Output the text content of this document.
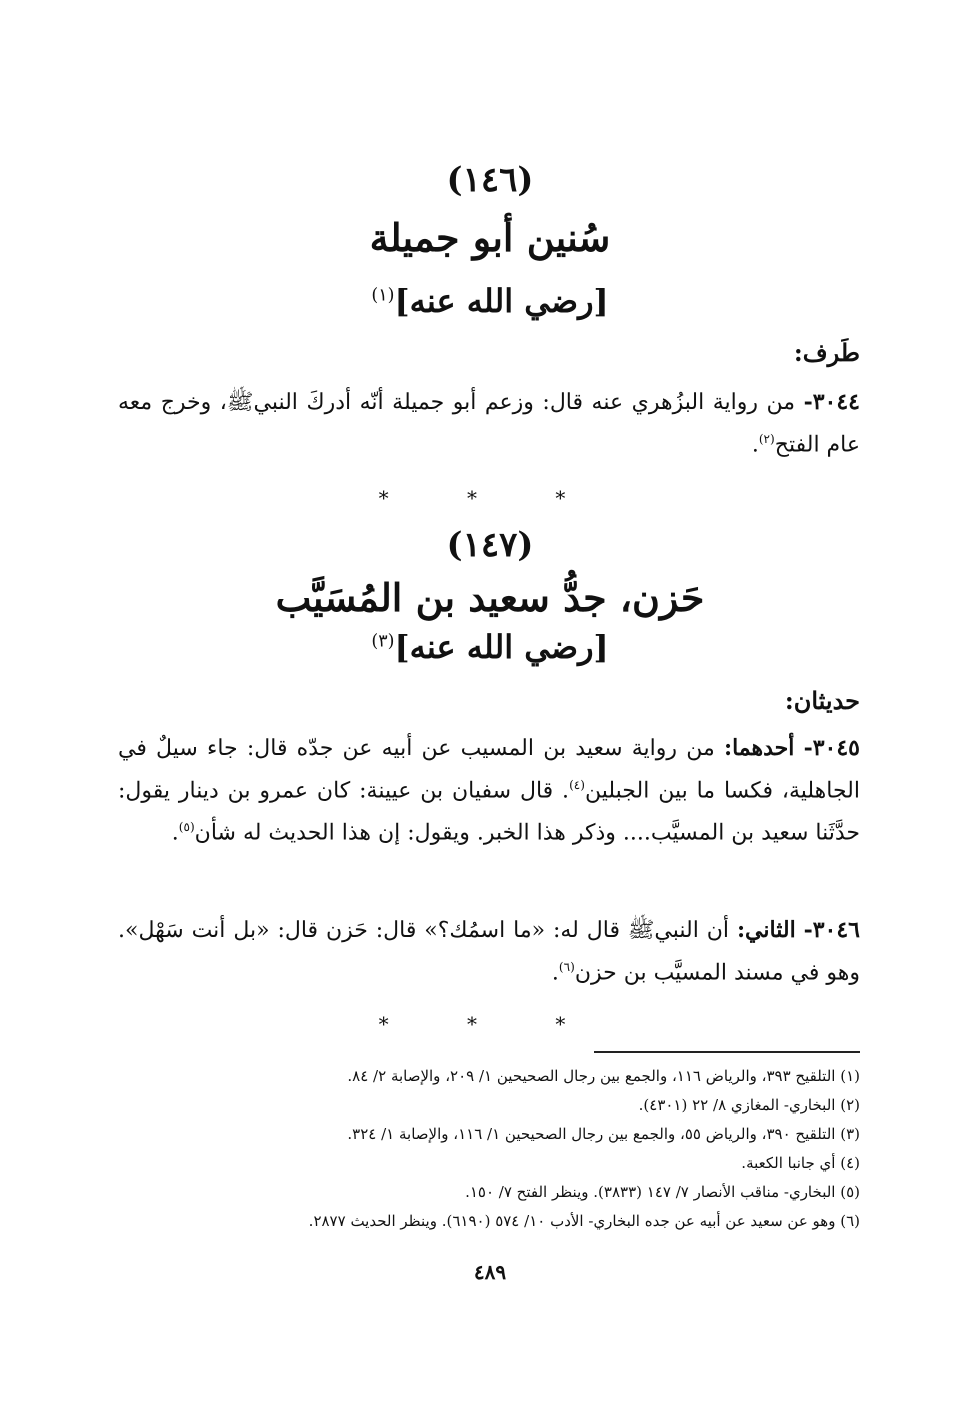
(١٤٦)
سُنين أبو جميلة
[رضي الله عنه]$^{(١)}$
طَرف:
٣٠٤٤- من رواية البزُهري عنه قال: وزعم أبو جميلة أنّه أدركَ النبيﷺ، وخرج معه عام الفتح$^{(٢)}$.
* * *
(١٤٧)
حَزن، جدُّ سعيد بن المُسَيَّب
[رضي الله عنه]$^{(٣)}$
حديثان:
٣٠٤٥- أحدهما: من رواية سعيد بن المسيب عن أبيه عن جدّه قال: جاء سيلٌ في الجاهلية، فكسا ما بين الجبلين$^{(٤)}$. قال سفيان بن عيينة: كان عمرو بن دينار يقول: حدَّثَنا سعيد بن المسيَّب.... وذكر هذا الخبر. ويقول: إن هذا الحديث له شأن$^{(٥)}$.
٣٠٤٦- الثاني: أن النبيﷺ قال له: «ما اسمُك؟» قال: حَزن قال: «بل أنت سَهْل». وهو في مسند المسيَّب بن حزن$^{(٦)}$.
* * *
(١) التلقيح ٣٩٣، والرياض ١١٦، والجمع بين رجال الصحيحين ١/ ٢٠٩، والإصابة ٢/ ٨٤.
(٢) البخاري- المغازي ٨/ ٢٢ (٤٣٠١).
(٣) التلقيح ٣٩٠، والرياض ٥٥، والجمع بين رجال الصحيحين ١/ ١١٦، والإصابة ١/ ٣٢٤.
(٤) أي جانبا الكعبة.
(٥) البخاري- مناقب الأنصار ٧/ ١٤٧ (٣٨٣٣). وينظر الفتح ٧/ ١٥٠.
(٦) وهو عن سعيد عن أبيه عن جده البخاري- الأدب ١٠/ ٥٧٤ (٦١٩٠). وينظر الحديث ٢٨٧٧.
٤٨٩
